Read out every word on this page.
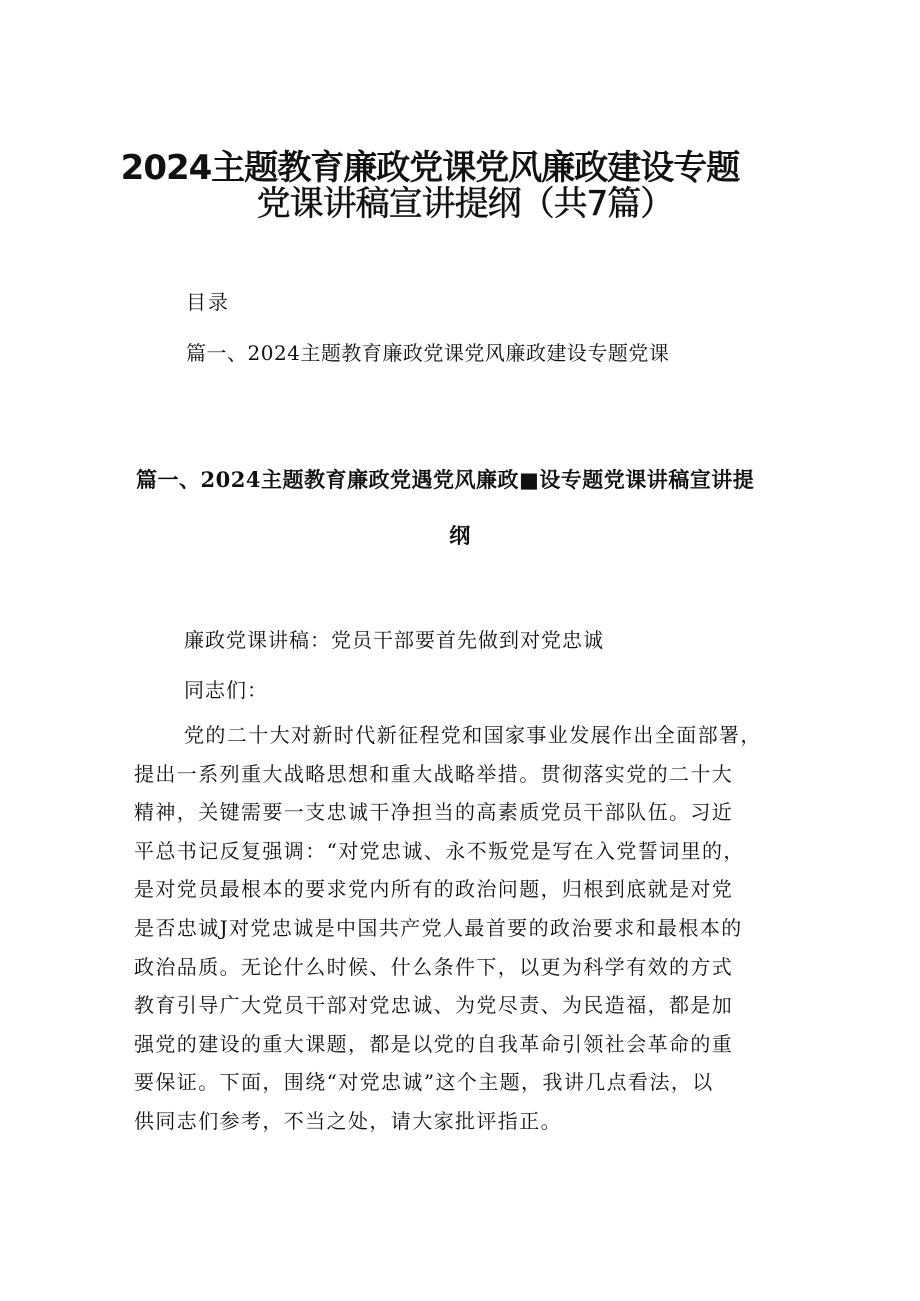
2024主题教育廉政党课党风廉政建设专题
党课讲稿宣讲提纲（共7篇）
目录
篇一、2024主题教育廉政党课党风廉政建设专题党课
篇一、2024主题教育廉政党遇党风廉政■设专题党课讲稿宣讲提
纲
廉政党课讲稿：党员干部要首先做到对党忠诚
同志们：
党的二十大对新时代新征程党和国家事业发展作出全面部署，
提出一系列重大战略思想和重大战略举措。贯彻落实党的二十大
精神，关键需要一支忠诚干净担当的高素质党员干部队伍。习近
平总书记反复强调：“对党忠诚、永不叛党是写在入党誓词里的，
是对党员最根本的要求党内所有的政治问题，归根到底就是对党
是否忠诚J对党忠诚是中国共产党人最首要的政治要求和最根本的
政治品质。无论什么时候、什么条件下，以更为科学有效的方式
教育引导广大党员干部对党忠诚、为党尽责、为民造福，都是加
强党的建设的重大课题，都是以党的自我革命引领社会革命的重
要保证。下面，围绕“对党忠诚”这个主题，我讲几点看法，以
供同志们参考，不当之处，请大家批评指正。
